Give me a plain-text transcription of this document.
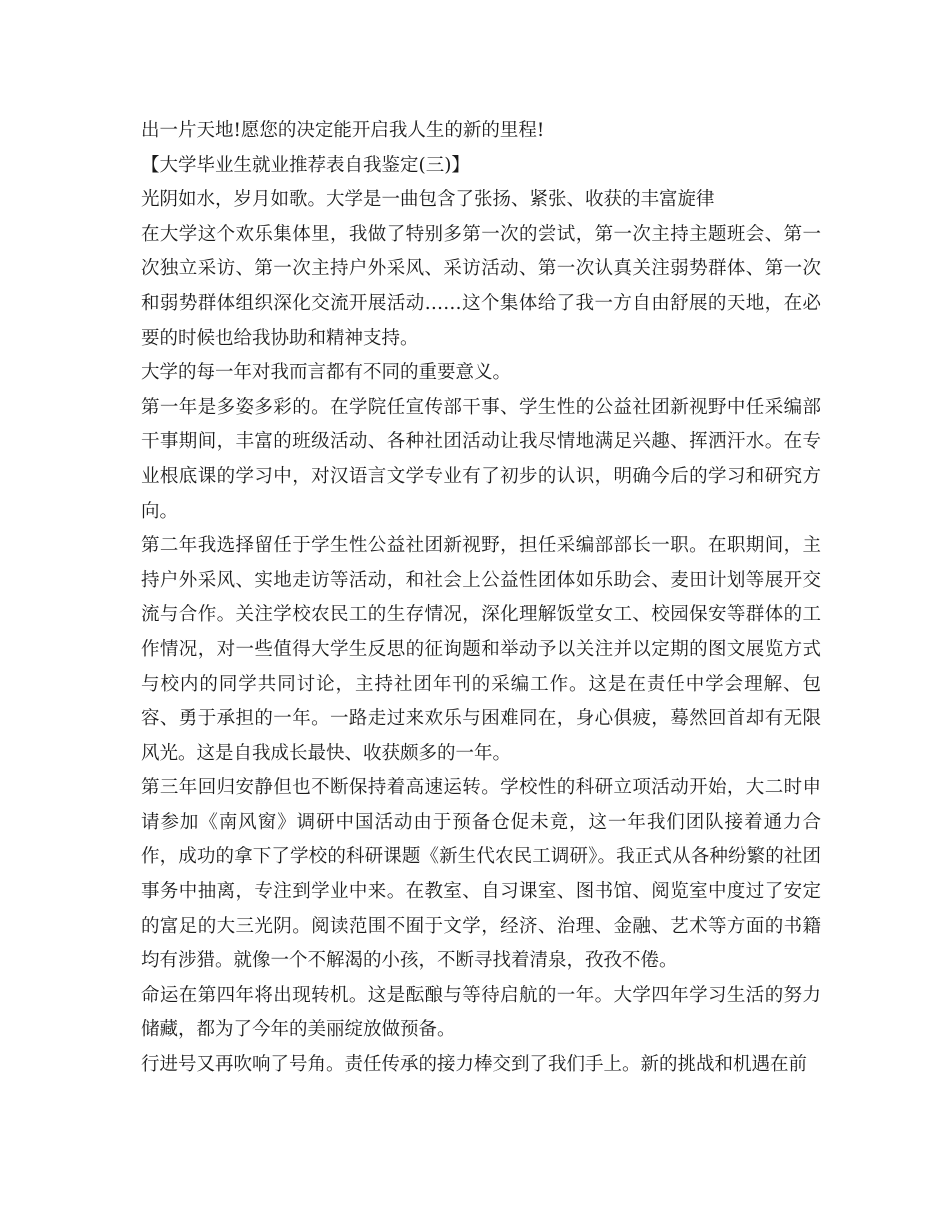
出一片天地!愿您的决定能开启我人生的新的里程!

【大学毕业生就业推荐表自我鉴定(三)】

光阴如水，岁月如歌。大学是一曲包含了张扬、紧张、收获的丰富旋律

在大学这个欢乐集体里，我做了特别多第一次的尝试，第一次主持主题班会、第一次独立采访、第一次主持户外采风、采访活动、第一次认真关注弱势群体、第一次和弱势群体组织深化交流开展活动……这个集体给了我一方自由舒展的天地，在必要的时候也给我协助和精神支持。

大学的每一年对我而言都有不同的重要意义。

第一年是多姿多彩的。在学院任宣传部干事、学生性的公益社团新视野中任采编部干事期间，丰富的班级活动、各种社团活动让我尽情地满足兴趣、挥洒汗水。在专业根底课的学习中，对汉语言文学专业有了初步的认识，明确今后的学习和研究方向。

第二年我选择留任于学生性公益社团新视野，担任采编部部长一职。在职期间，主持户外采风、实地走访等活动，和社会上公益性团体如乐助会、麦田计划等展开交流与合作。关注学校农民工的生存情况，深化理解饭堂女工、校园保安等群体的工作情况，对一些值得大学生反思的征询题和举动予以关注并以定期的图文展览方式与校内的同学共同讨论，主持社团年刊的采编工作。这是在责任中学会理解、包容、勇于承担的一年。一路走过来欢乐与困难同在，身心俱疲，蓦然回首却有无限风光。这是自我成长最快、收获颇多的一年。

第三年回归安静但也不断保持着高速运转。学校性的科研立项活动开始，大二时申请参加《南风窗》调研中国活动由于预备仓促未竟，这一年我们团队接着通力合作，成功的拿下了学校的科研课题《新生代农民工调研》。我正式从各种纷繁的社团事务中抽离，专注到学业中来。在教室、自习课室、图书馆、阅览室中度过了安定的富足的大三光阴。阅读范围不囿于文学，经济、治理、金融、艺术等方面的书籍均有涉猎。就像一个不解渴的小孩，不断寻找着清泉，孜孜不倦。

命运在第四年将出现转机。这是酝酿与等待启航的一年。大学四年学习生活的努力储藏，都为了今年的美丽绽放做预备。

行进号又再吹响了号角。责任传承的接力棒交到了我们手上。新的挑战和机遇在前
